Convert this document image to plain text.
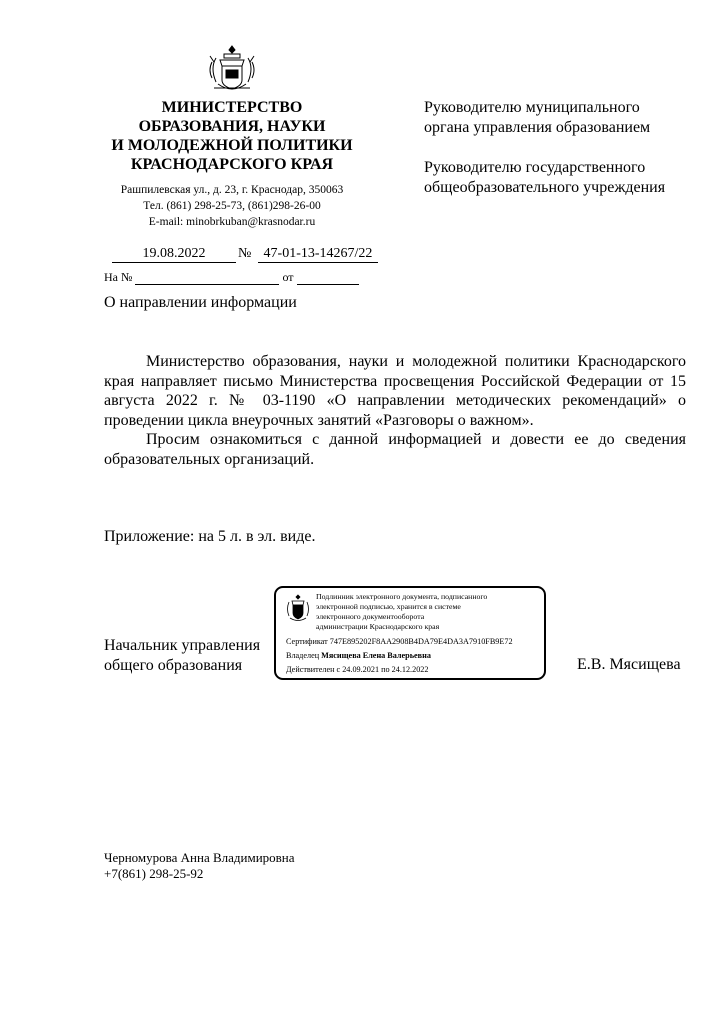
МИНИСТЕРСТВО
ОБРАЗОВАНИЯ, НАУКИ
И МОЛОДЕЖНОЙ ПОЛИТИКИ
КРАСНОДАРСКОГО КРАЯ
Рашпилевская ул., д. 23, г. Краснодар, 350063
Тел. (861) 298-25-73, (861)298-26-00
E-mail: minobrkuban@krasnodar.ru
Руководителю муниципального
органа управления образованием
Руководителю государственного
общеобразовательного учреждения
19.08.2022	№ 47-01-13-14267/22
На №	от
О направлении информации

Министерство образования, науки и молодежной политики Краснодарского края направляет письмо Министерства просвещения Российской Федерации от 15 августа 2022 г. № 03-1190 «О направлении методических рекомендаций» о проведении цикла внеурочных занятий «Разговоры о важном».

Просим ознакомиться с данной информацией и довести ее до сведения образовательных организаций.

Приложение: на 5 л. в эл. виде.
Начальник управления
общего образования
Подлинник электронного документа, подписанного
электронной подписью, хранится в системе
электронного документооборота
администрации Краснодарского края
Сертификат 747E895202F8AA2908B4DA79E4DA3A7910FB9E72
Владелец Мясищева Елена Валерьевна
Действителен с 24.09.2021 по 24.12.2022	Е.В. Мясищева
Черномурова Анна Владимировна
+7(861) 298-25-92
